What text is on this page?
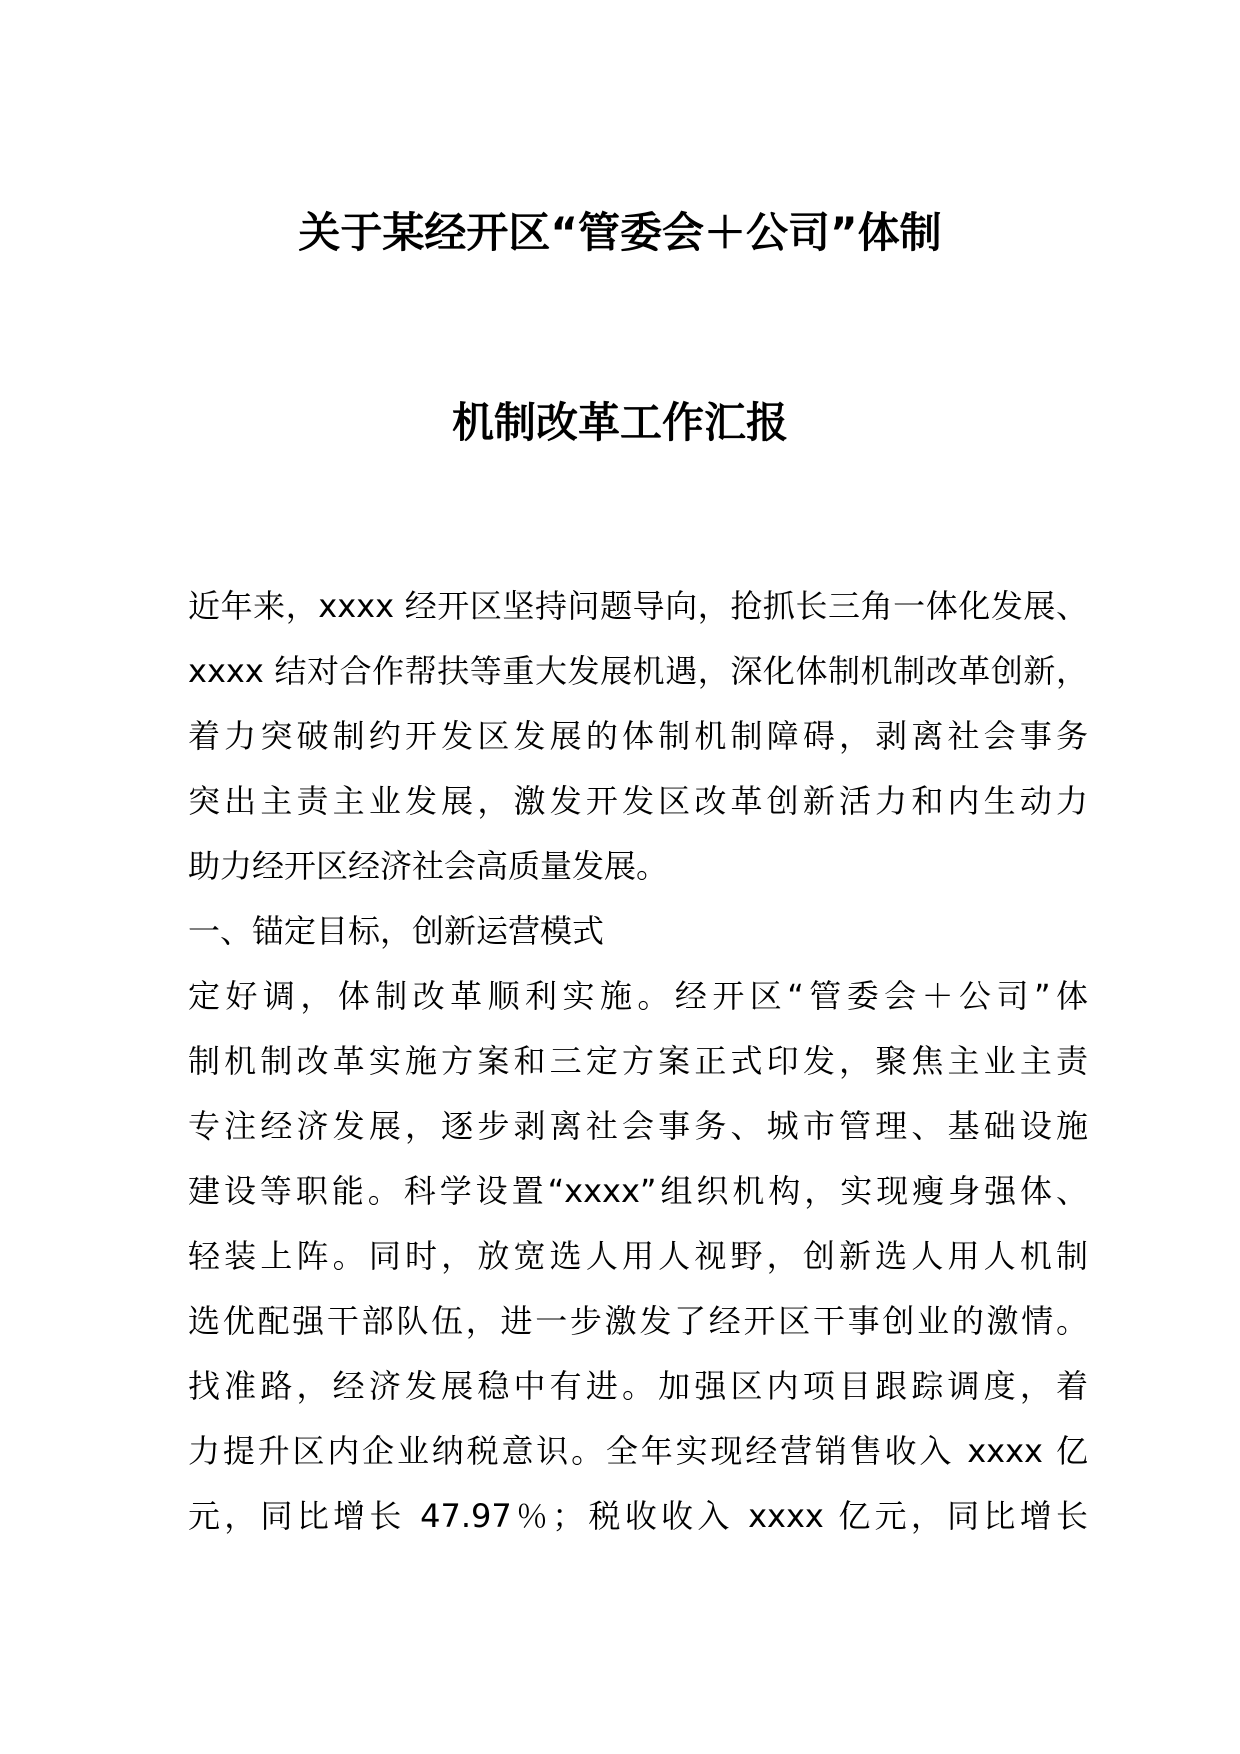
关于某经开区“管委会＋公司”体制
机制改革工作汇报
近年来，xxxx 经开区坚持问题导向，抢抓长三角一体化发展、
xxxx 结对合作帮扶等重大发展机遇，深化体制机制改革创新，
着力突破制约开发区发展的体制机制障碍，剥离社会事务
突出主责主业发展，激发开发区改革创新活力和内生动力
助力经开区经济社会高质量发展。
一、锚定目标，创新运营模式
定好调，体制改革顺利实施。经开区“管委会＋公司”体
制机制改革实施方案和三定方案正式印发，聚焦主业主责
专注经济发展，逐步剥离社会事务、城市管理、基础设施
建设等职能。科学设置“xxxx”组织机构，实现瘦身强体、
轻装上阵。同时，放宽选人用人视野，创新选人用人机制
选优配强干部队伍，进一步激发了经开区干事创业的激情。
找准路，经济发展稳中有进。加强区内项目跟踪调度，着
力提升区内企业纳税意识。全年实现经营销售收入 xxxx 亿
元，同比增长 47.97％；税收收入 xxxx 亿元，同比增长
